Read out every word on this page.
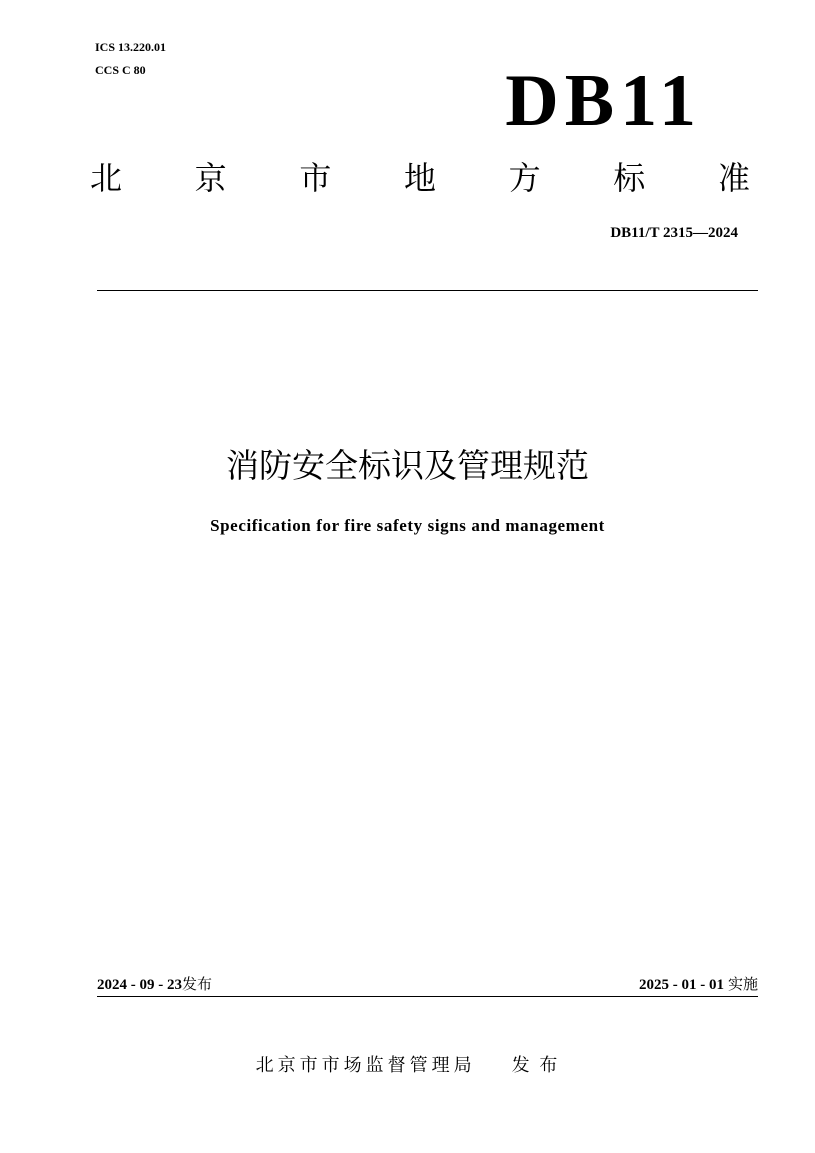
ICS 13.220.01
CCS C 80	DB11
北 京 市 地 方 标 准
DB11/T 2315—2024
消防安全标识及管理规范
Specification for fire safety signs and management
2024 - 09 - 23发布	2025 - 01 - 01 实施
北京市市场监督管理局 发 布
